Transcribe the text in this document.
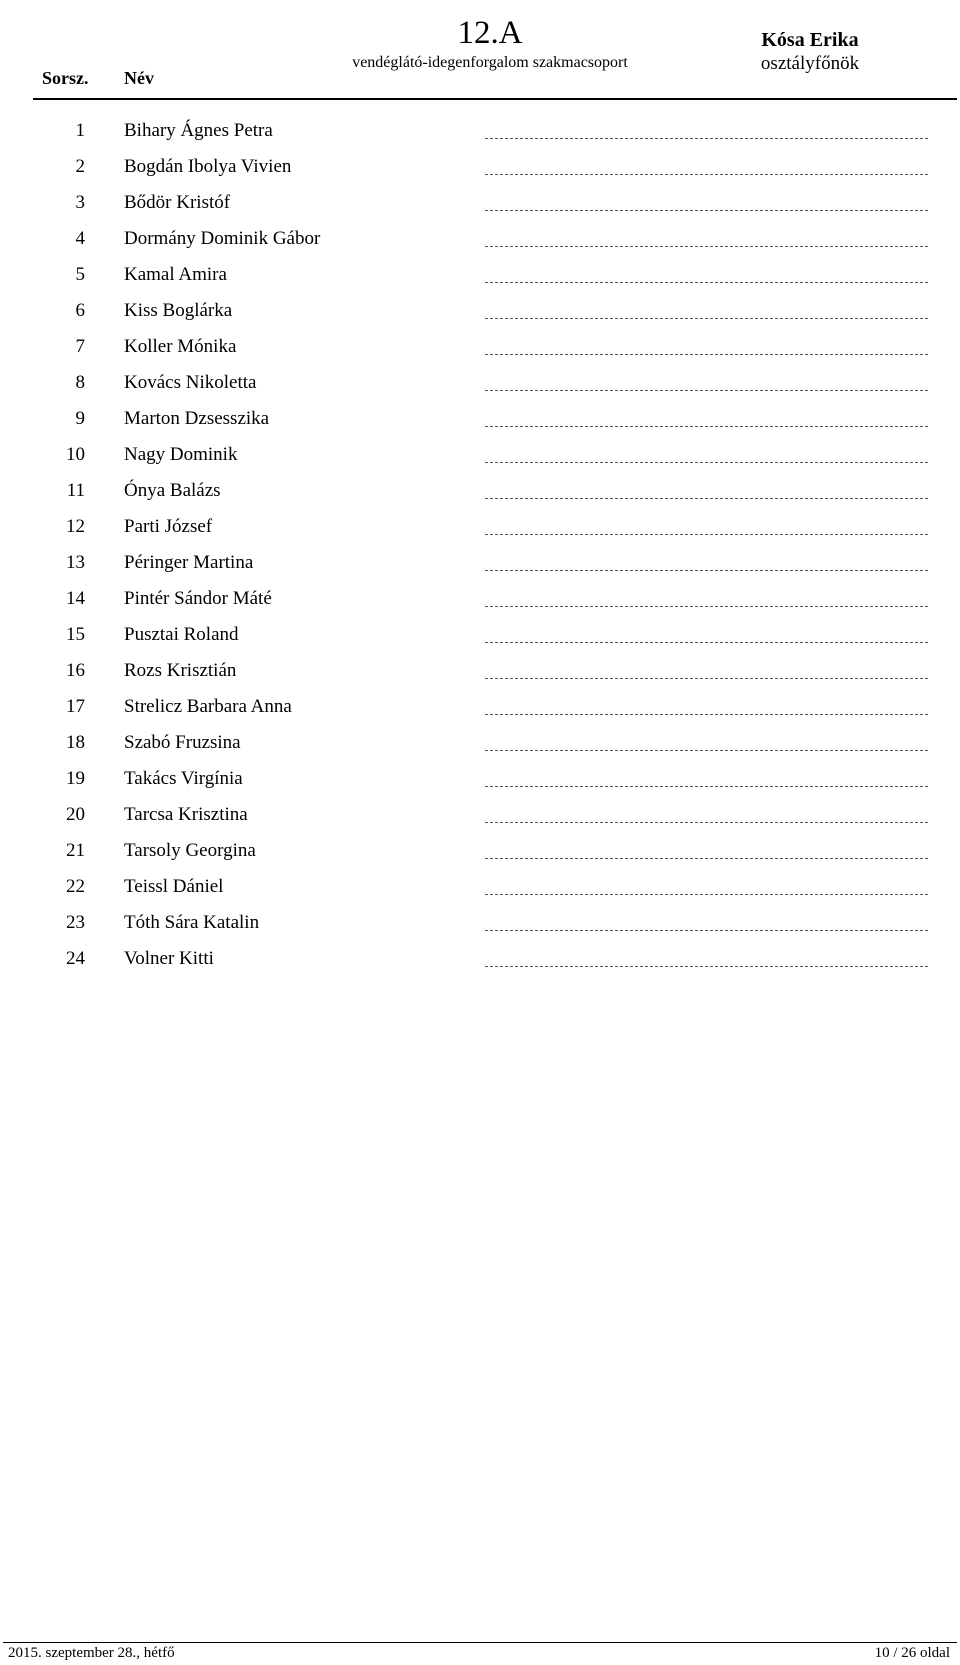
Sorsz. Név
12.A
vendéglátó-idegenforgalom szakmacsoport
Kósa Erika
osztályfőnök
1 Bihary Ágnes Petra
2 Bogdán Ibolya Vivien
3 Bődör Kristóf
4 Dormány Dominik Gábor
5 Kamal Amira
6 Kiss Boglárka
7 Koller Mónika
8 Kovács Nikoletta
9 Marton Dzsesszika
10 Nagy Dominik
11 Ónya Balázs
12 Parti József
13 Péringer Martina
14 Pintér Sándor Máté
15 Pusztai Roland
16 Rozs Krisztián
17 Strelicz Barbara Anna
18 Szabó Fruzsina
19 Takács Virgínia
20 Tarcsa Krisztina
21 Tarsoly Georgina
22 Teissl Dániel
23 Tóth Sára Katalin
24 Volner Kitti
2015. szeptember 28., hétfő	10 / 26 oldal
